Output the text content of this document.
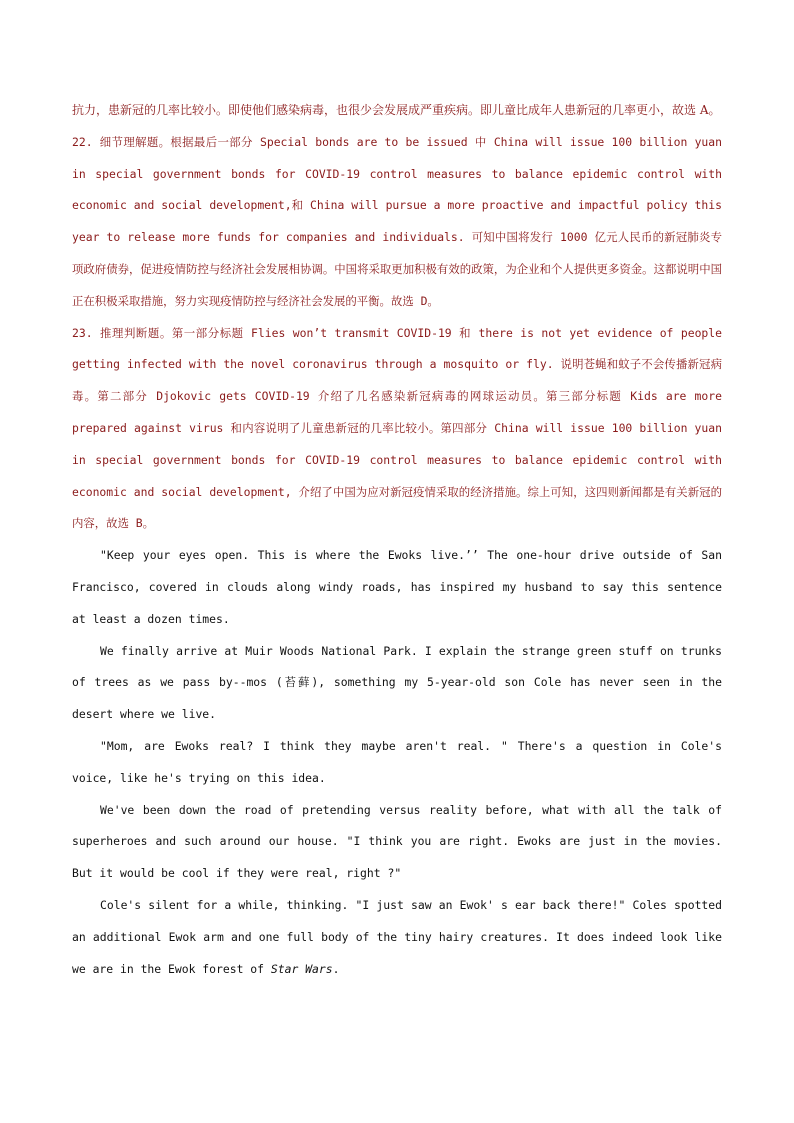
抗力，患新冠的几率比较小。即使他们感染病毒，也很少会发展成严重疾病。即儿童比成年人患新冠的几率更小，故选 A。

22. 细节理解题。根据最后一部分 Special bonds are to be issued 中 China will issue 100 billion yuan in special government bonds for COVID-19 control measures to balance epidemic control with economic and social development,和 China will pursue a more proactive and impactful policy this year to release more funds for companies and individuals. 可知中国将发行 1000 亿元人民币的新冠肺炎专项政府债券，促进疫情防控与经济社会发展相协调。中国将采取更加积极有效的政策，为企业和个人提供更多资金。这都说明中国正在积极采取措施，努力实现疫情防控与经济社会发展的平衡。故选 D。

23. 推理判断题。第一部分标题 Flies won’t transmit COVID-19 和 there is not yet evidence of people getting infected with the novel coronavirus through a mosquito or fly. 说明苍蝇和蚊子不会传播新冠病毒。第二部分 Djokovic gets COVID-19 介绍了几名感染新冠病毒的网球运动员。第三部分标题 Kids are more prepared against virus 和内容说明了儿童患新冠的几率比较小。第四部分 China will issue 100 billion yuan in special government bonds for COVID-19 control measures to balance epidemic control with economic and social development, 介绍了中国为应对新冠疫情采取的经济措施。综上可知，这四则新闻都是有关新冠的内容，故选 B。

"Keep your eyes open. This is where the Ewoks live.’’ The one-hour drive outside of San Francisco, covered in clouds along windy roads, has inspired my husband to say this sentence at least a dozen times.

We finally arrive at Muir Woods National Park. I explain the strange green stuff on trunks of trees as we pass by--mos (苔藓), something my 5-year-old son Cole has never seen in the desert where we live.

"Mom, are Ewoks real? I think they maybe aren't real. " There's a question in Cole's voice, like he's trying on this idea.

We've been down the road of pretending versus reality before, what with all the talk of superheroes and such around our house. "I think you are right. Ewoks are just in the movies. But it would be cool if they were real, right ?"

Cole's silent for a while, thinking. "I just saw an Ewok' s ear back there!" Coles spotted an additional Ewok arm and one full body of the tiny hairy creatures. It does indeed look like we are in the Ewok forest of Star Wars.
